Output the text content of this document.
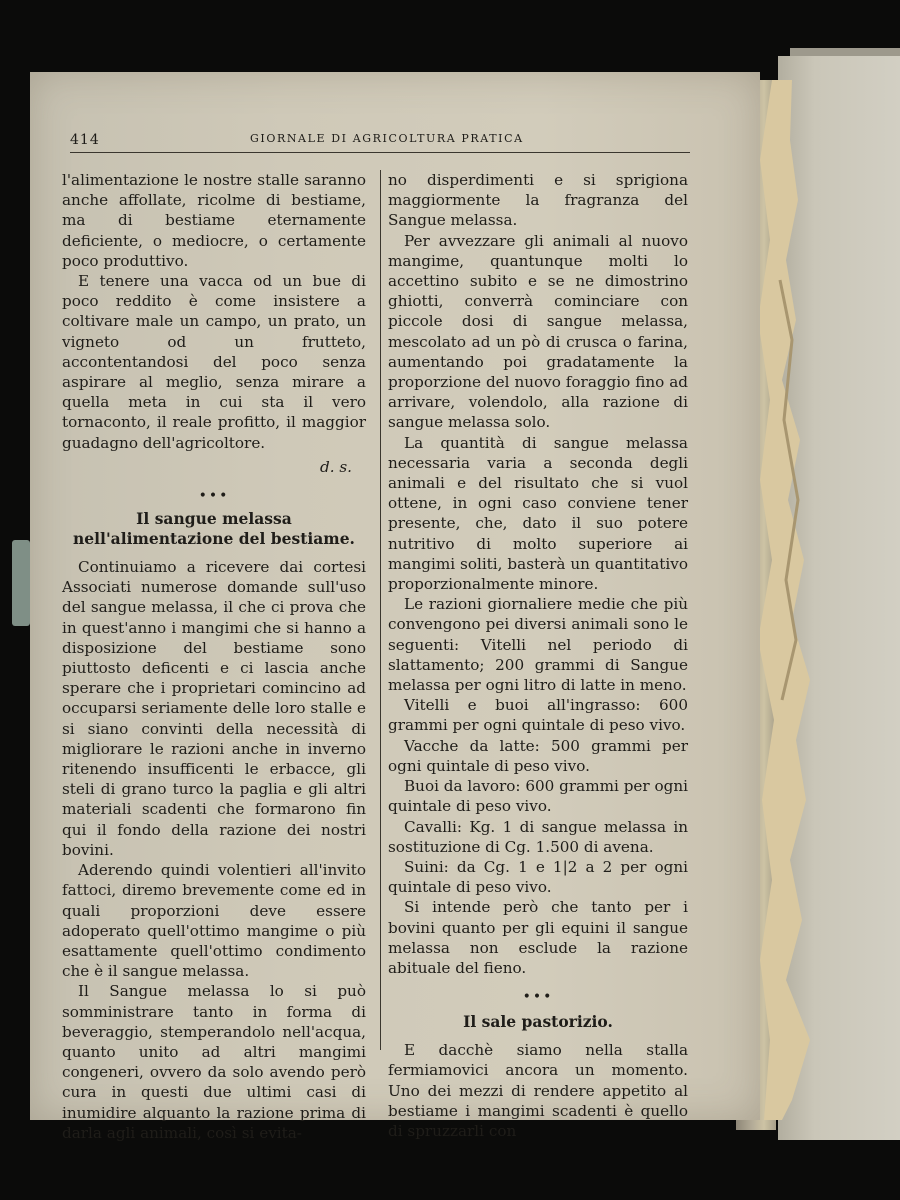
414	GIORNALE DI AGRICOLTURA PRATICA

l'alimentazione le nostre stalle saranno anche affollate, ricolme di bestiame, ma di bestiame eternamente deficiente, o mediocre, o certamente poco produttivo.

E tenere una vacca od un bue di poco reddito è come insistere a coltivare male un campo, un prato, un vigneto od un frutteto, accontentandosi del poco senza aspirare al meglio, senza mirare a quella meta in cui sta il vero tornaconto, il reale profitto, il maggior guadagno dell'agricoltore.

d. s.

•••
Il sangue melassa nell'alimentazione del bestiame.

Continuiamo a ricevere dai cortesi Associati numerose domande sull'uso del sangue melassa, il che ci prova che in quest'anno i mangimi che si hanno a disposizione del bestiame sono piuttosto deficenti e ci lascia anche sperare che i proprietari comincino ad occuparsi seriamente delle loro stalle e si siano convinti della necessità di migliorare le razioni anche in inverno ritenendo insufficenti le erbacce, gli steli di grano turco la paglia e gli altri materiali scadenti che formarono fin qui il fondo della razione dei nostri bovini.

Aderendo quindi volentieri all'invito fattoci, diremo brevemente come ed in quali proporzioni deve essere adoperato quell'ottimo mangime o più esattamente quell'ottimo condimento che è il sangue melassa.

Il Sangue melassa lo si può somministrare tanto in forma di beveraggio, stemperandolo nell'acqua, quanto unito ad altri mangimi congeneri, ovvero da solo avendo però cura in questi due ultimi casi di inumidire alquanto la razione prima di darla agli animali, così si evita-

no disperdimenti e si sprigiona maggiormente la fragranza del Sangue melassa.

Per avvezzare gli animali al nuovo mangime, quantunque molti lo accettino subito e se ne dimostrino ghiotti, converrà cominciare con piccole dosi di sangue melassa, mescolato ad un pò di crusca o farina, aumentando poi gradatamente la proporzione del nuovo foraggio fino ad arrivare, volendolo, alla razione di sangue melassa solo.

La quantità di sangue melassa necessaria varia a seconda degli animali e del risultato che si vuol ottene, in ogni caso conviene tener presente, che, dato il suo potere nutritivo di molto superiore ai mangimi soliti, basterà un quantitativo proporzionalmente minore.

Le razioni giornaliere medie che più convengono pei diversi animali sono le seguenti: Vitelli nel periodo di slattamento; 200 grammi di Sangue melassa per ogni litro di latte in meno.

Vitelli e buoi all'ingrasso: 600 grammi per ogni quintale di peso vivo.

Vacche da latte: 500 grammi per ogni quintale di peso vivo.

Buoi da lavoro: 600 grammi per ogni quintale di peso vivo.

Cavalli: Kg. 1 di sangue melassa in sostituzione di Cg. 1.500 di avena.

Suini: da Cg. 1 e 1|2 a 2 per ogni quintale di peso vivo.

Si intende però che tanto per i bovini quanto per gli equini il sangue melassa non esclude la razione abituale del fieno.

•••
Il sale pastorizio.

E dacchè siamo nella stalla fermiamovici ancora un momento. Uno dei mezzi di rendere appetito al bestiame i mangimi scadenti è quello di spruzzarli con
